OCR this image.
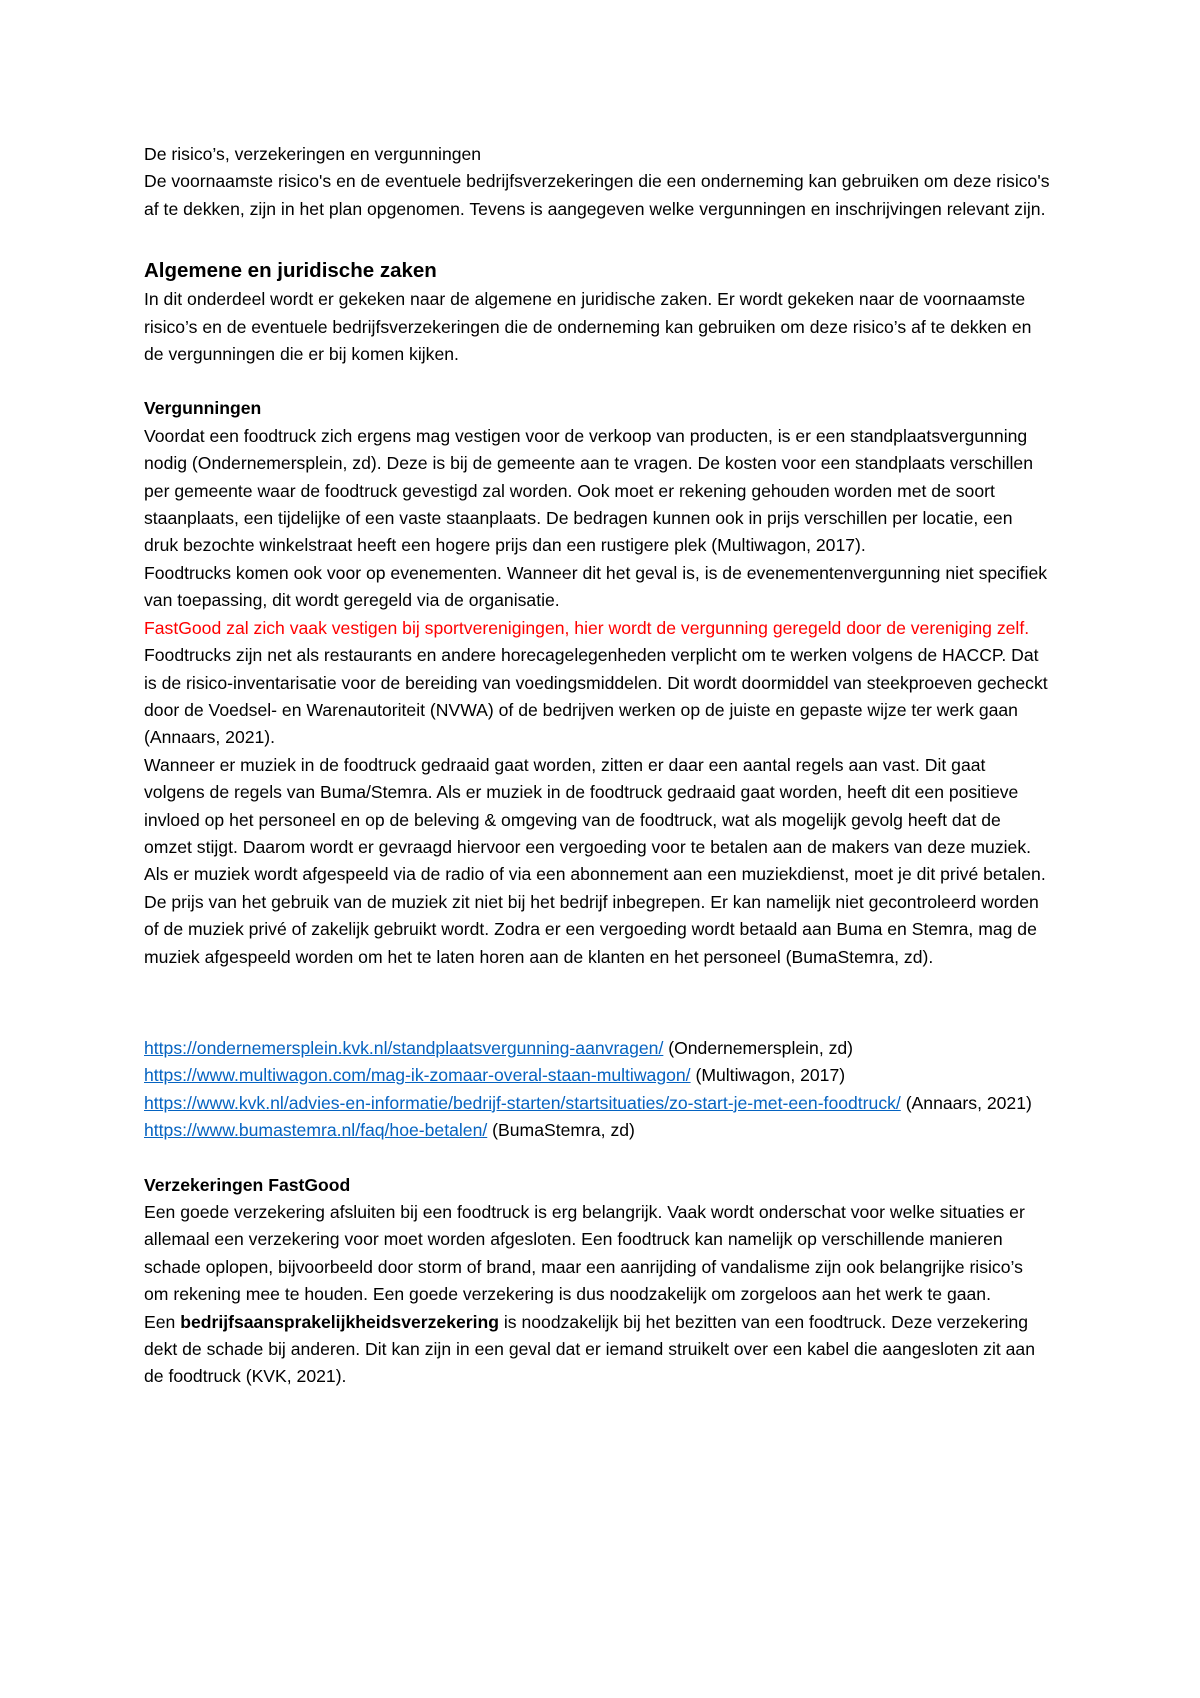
De risico’s, verzekeringen en vergunningen

De voornaamste risico's en de eventuele bedrijfsverzekeringen die een onderneming kan gebruiken om deze risico's af te dekken, zijn in het plan opgenomen. Tevens is aangegeven welke vergunningen en inschrijvingen relevant zijn.

Algemene en juridische zaken

In dit onderdeel wordt er gekeken naar de algemene en juridische zaken. Er wordt gekeken naar de voornaamste risico’s en de eventuele bedrijfsverzekeringen die de onderneming kan gebruiken om deze risico’s af te dekken en de vergunningen die er bij komen kijken.

Vergunningen

Voordat een foodtruck zich ergens mag vestigen voor de verkoop van producten, is er een standplaatsvergunning nodig (Ondernemersplein, zd). Deze is bij de gemeente aan te vragen. De kosten voor een standplaats verschillen per gemeente waar de foodtruck gevestigd zal worden. Ook moet er rekening gehouden worden met de soort staanplaats, een tijdelijke of een vaste staanplaats. De bedragen kunnen ook in prijs verschillen per locatie, een druk bezochte winkelstraat heeft een hogere prijs dan een rustigere plek (Multiwagon, 2017).

Foodtrucks komen ook voor op evenementen. Wanneer dit het geval is, is de evenementenvergunning niet specifiek van toepassing, dit wordt geregeld via de organisatie.

FastGood zal zich vaak vestigen bij sportverenigingen, hier wordt de vergunning geregeld door de vereniging zelf.

Foodtrucks zijn net als restaurants en andere horecagelegenheden verplicht om te werken volgens de HACCP. Dat is de risico-inventarisatie voor de bereiding van voedingsmiddelen. Dit wordt doormiddel van steekproeven gecheckt door de Voedsel- en Warenautoriteit (NVWA) of de bedrijven werken op de juiste en gepaste wijze ter werk gaan (Annaars, 2021).

Wanneer er muziek in de foodtruck gedraaid gaat worden, zitten er daar een aantal regels aan vast. Dit gaat volgens de regels van Buma/Stemra. Als er muziek in de foodtruck gedraaid gaat worden, heeft dit een positieve invloed op het personeel en op de beleving & omgeving van de foodtruck, wat als mogelijk gevolg heeft dat de omzet stijgt. Daarom wordt er gevraagd hiervoor een vergoeding voor te betalen aan de makers van deze muziek. Als er muziek wordt afgespeeld via de radio of via een abonnement aan een muziekdienst, moet je dit privé betalen. De prijs van het gebruik van de muziek zit niet bij het bedrijf inbegrepen. Er kan namelijk niet gecontroleerd worden of de muziek privé of zakelijk gebruikt wordt. Zodra er een vergoeding wordt betaald aan Buma en Stemra, mag de muziek afgespeeld worden om het te laten horen aan de klanten en het personeel (BumaStemra, zd).

https://ondernemersplein.kvk.nl/standplaatsvergunning-aanvragen/ (Ondernemersplein, zd)

https://www.multiwagon.com/mag-ik-zomaar-overal-staan-multiwagon/ (Multiwagon, 2017)

https://www.kvk.nl/advies-en-informatie/bedrijf-starten/startsituaties/zo-start-je-met-een-foodtruck/ (Annaars, 2021)

https://www.bumastemra.nl/faq/hoe-betalen/ (BumaStemra, zd)

Verzekeringen FastGood

Een goede verzekering afsluiten bij een foodtruck is erg belangrijk. Vaak wordt onderschat voor welke situaties er allemaal een verzekering voor moet worden afgesloten. Een foodtruck kan namelijk op verschillende manieren schade oplopen, bijvoorbeeld door storm of brand, maar een aanrijding of vandalisme zijn ook belangrijke risico’s om rekening mee te houden. Een goede verzekering is dus noodzakelijk om zorgeloos aan het werk te gaan.

Een bedrijfsaansprakelijkheidsverzekering is noodzakelijk bij het bezitten van een foodtruck. Deze verzekering dekt de schade bij anderen. Dit kan zijn in een geval dat er iemand struikelt over een kabel die aangesloten zit aan de foodtruck (KVK, 2021).
